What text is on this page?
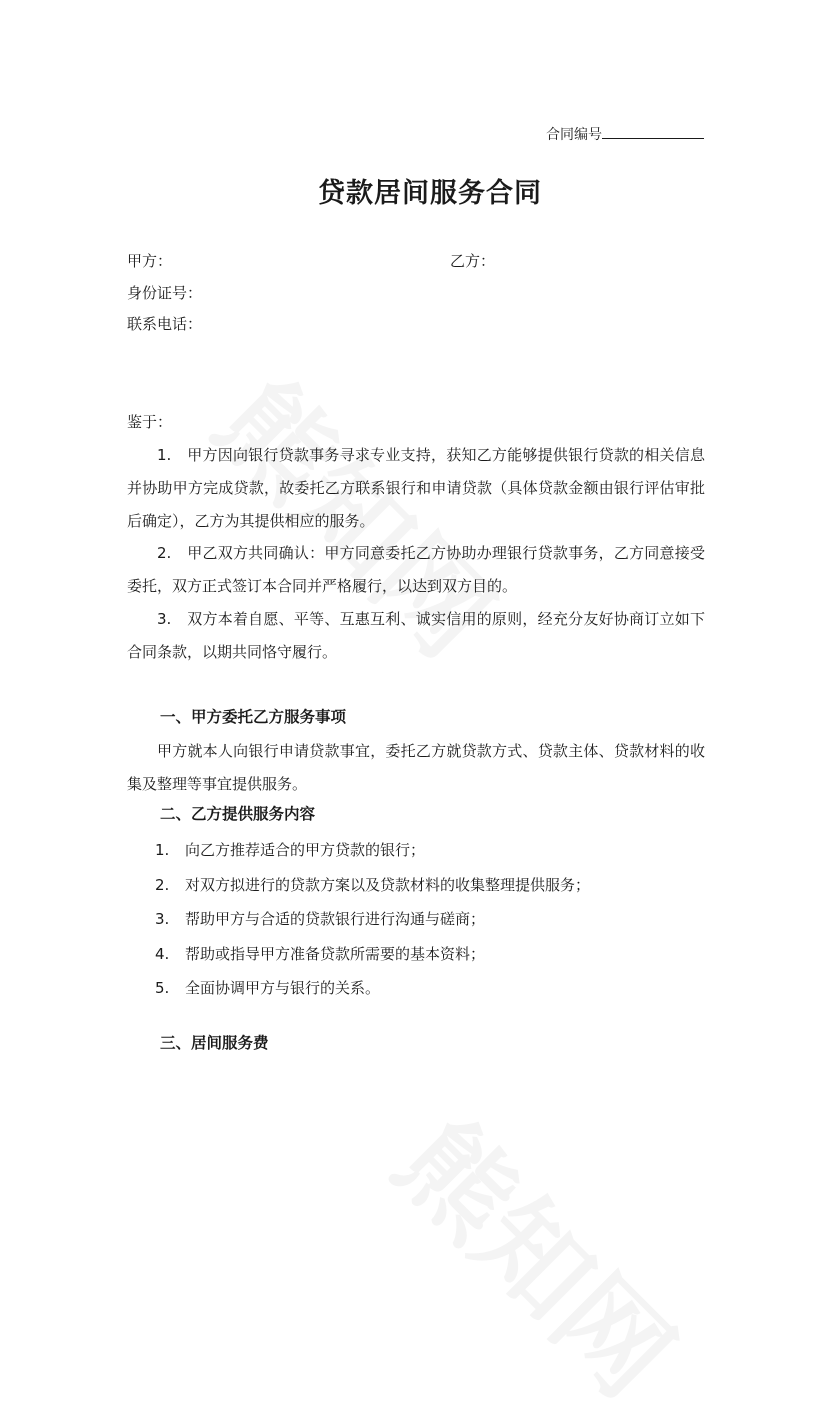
合同编号
贷款居间服务合同
甲方：	乙方：
身份证号：
联系电话：
鉴于：
1. 甲方因向银行贷款事务寻求专业支持，获知乙方能够提供银行贷款的相关信息并协助甲方完成贷款，故委托乙方联系银行和申请贷款（具体贷款金额由银行评估审批后确定），乙方为其提供相应的服务。
2. 甲乙双方共同确认：甲方同意委托乙方协助办理银行贷款事务，乙方同意接受委托，双方正式签订本合同并严格履行，以达到双方目的。
3. 双方本着自愿、平等、互惠互利、诚实信用的原则，经充分友好协商订立如下合同条款，以期共同恪守履行。
一、甲方委托乙方服务事项
甲方就本人向银行申请贷款事宜，委托乙方就贷款方式、贷款主体、贷款材料的收集及整理等事宜提供服务。
二、乙方提供服务内容
1. 向乙方推荐适合的甲方贷款的银行；
2. 对双方拟进行的贷款方案以及贷款材料的收集整理提供服务；
3. 帮助甲方与合适的贷款银行进行沟通与磋商；
4. 帮助或指导甲方准备贷款所需要的基本资料；
5. 全面协调甲方与银行的关系。
三、居间服务费
